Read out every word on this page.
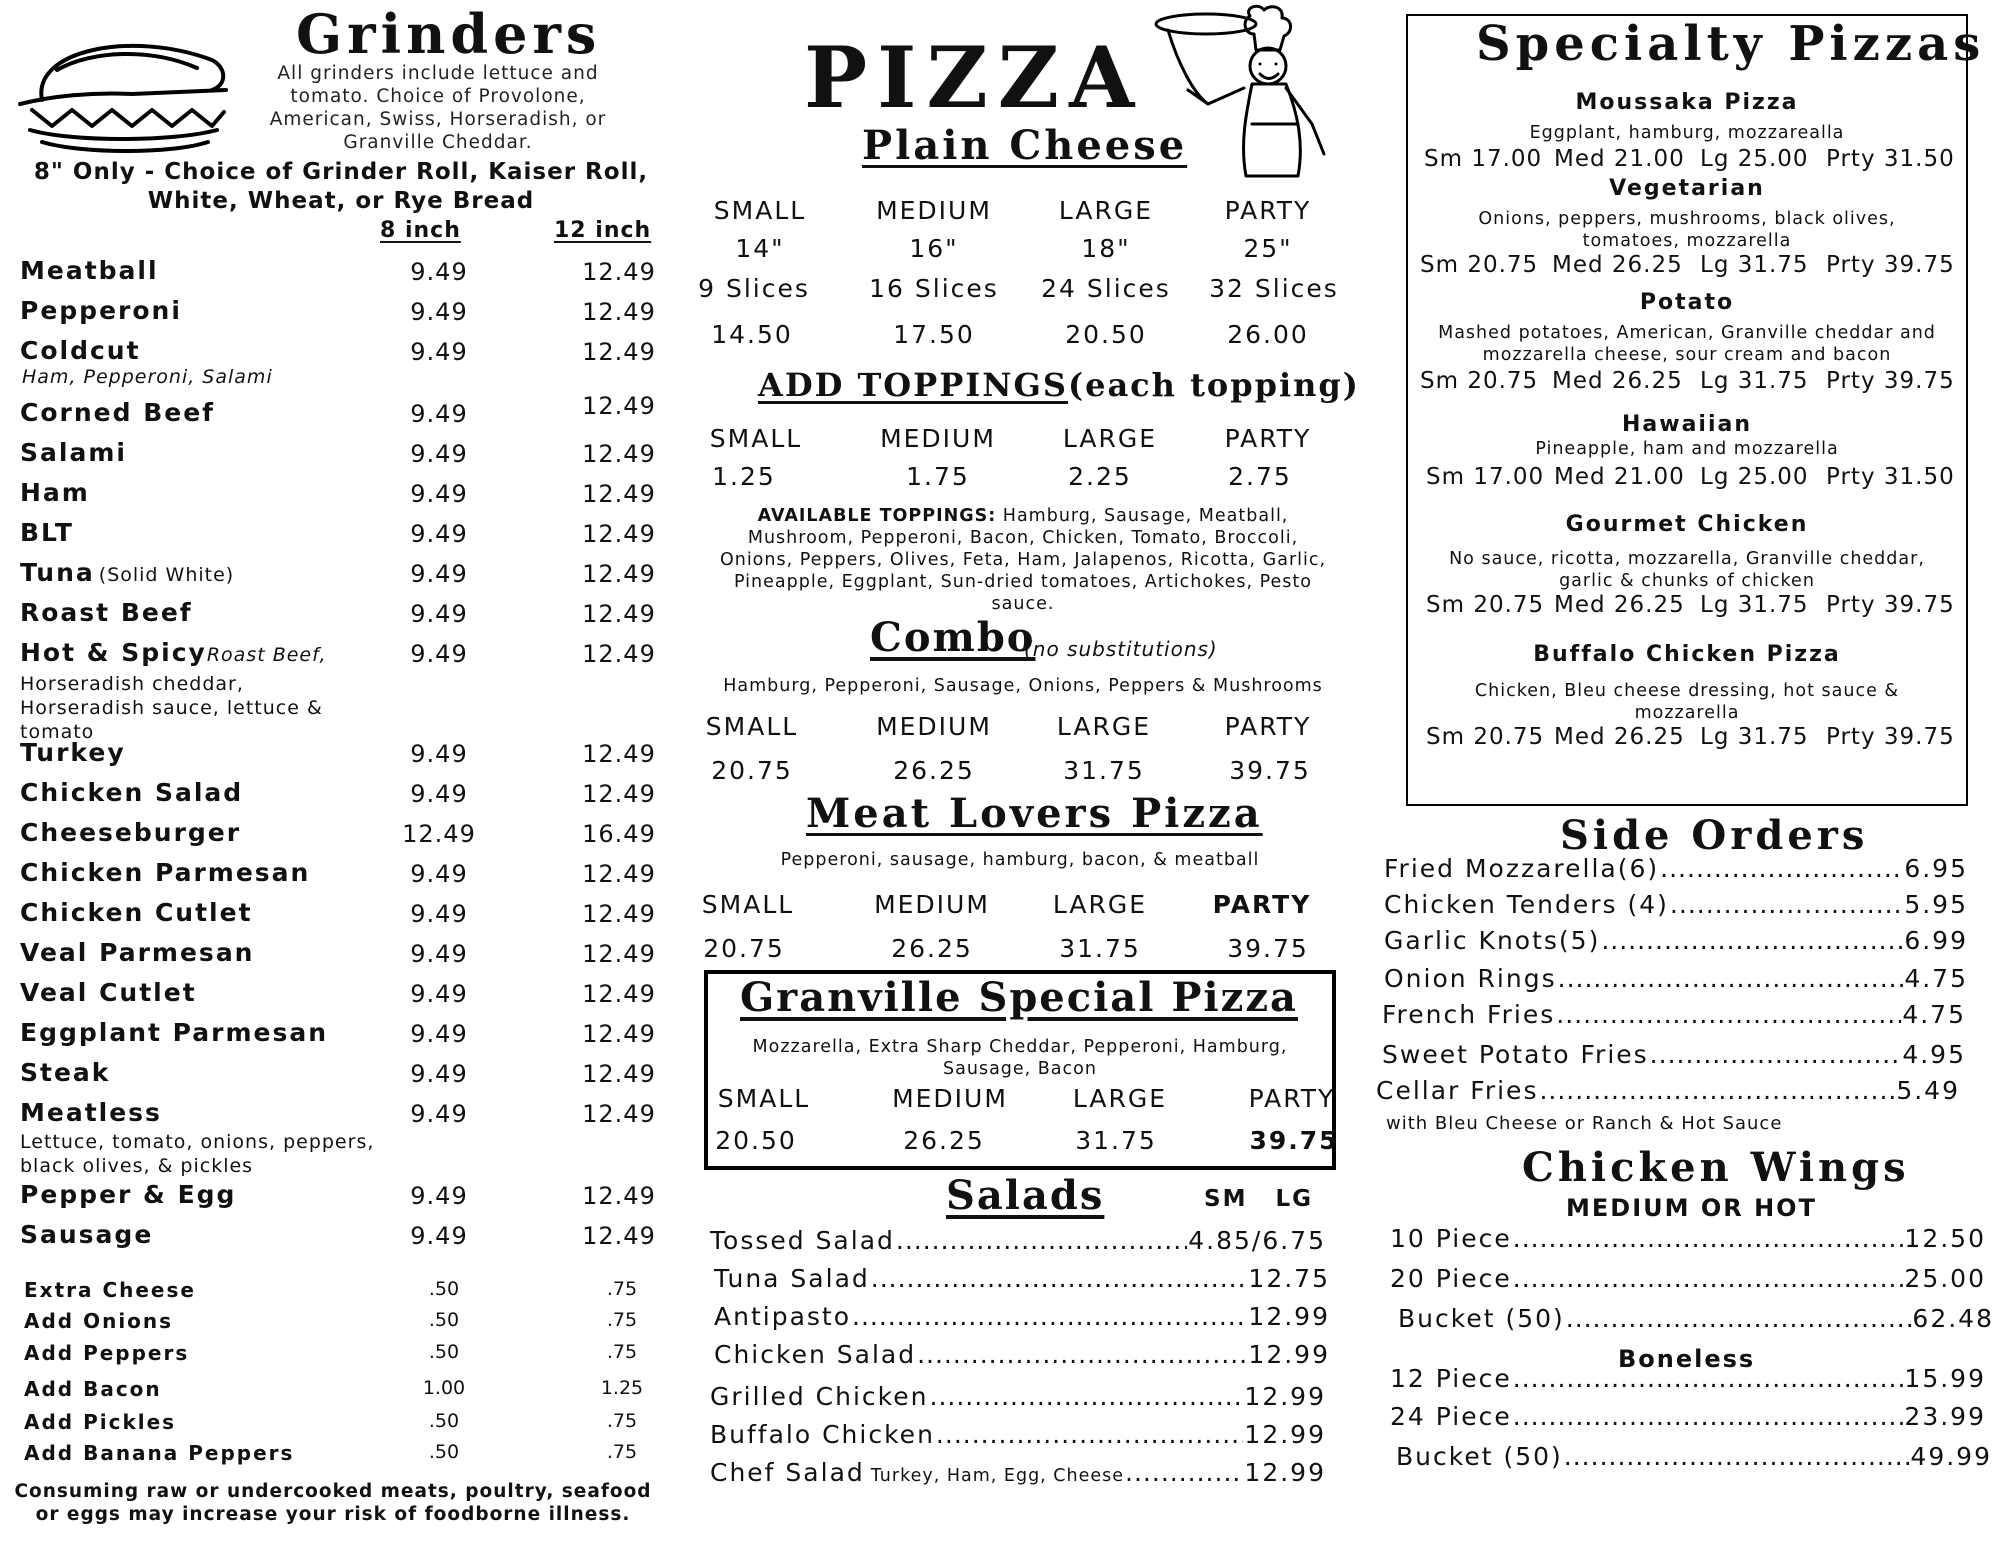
Grinders
All grinders include lettuce and tomato. Choice of Provolone, American, Swiss, Horseradish, or Granville Cheddar.
8" Only - Choice of Grinder Roll, Kaiser Roll, White, Wheat, or Rye Bread
8 inch	12 inch
Meatball	9.49	12.49
Pepperoni	9.49	12.49
Coldcut	9.49	12.49
Ham, Pepperoni, Salami
Corned Beef	9.49	12.49
Salami	9.49	12.49
Ham	9.49	12.49
BLT	9.49	12.49
Tuna (Solid White)	9.49	12.49
Roast Beef	9.49	12.49
Hot & SpicyRoast Beef,	9.49	12.49
Horseradish cheddar, Horseradish sauce, lettuce & tomato
Turkey	9.49	12.49
Chicken Salad	9.49	12.49
Cheeseburger	12.49	16.49
Chicken Parmesan	9.49	12.49
Chicken Cutlet	9.49	12.49
Veal Parmesan	9.49	12.49
Veal Cutlet	9.49	12.49
Eggplant Parmesan	9.49	12.49
Steak	9.49	12.49
Meatless	9.49	12.49
Lettuce, tomato, onions, peppers, black olives, & pickles
Pepper & Egg	9.49	12.49
Sausage	9.49	12.49
Extra Cheese	.50	.75
Add Onions	.50	.75
Add Peppers	.50	.75
Add Bacon	1.00	1.25
Add Pickles	.50	.75
Add Banana Peppers	.50	.75
Consuming raw or undercooked meats, poultry, seafood or eggs may increase your risk of foodborne illness.
PIZZA
Plain Cheese
SMALL	MEDIUM	LARGE	PARTY
14"	16"	18"	25"
9 Slices	16 Slices	24 Slices	32 Slices
14.50	17.50	20.50	26.00
ADD TOPPINGS(each topping)
SMALL	MEDIUM	LARGE	PARTY
1.25	1.75	2.25	2.75
AVAILABLE TOPPINGS: Hamburg, Sausage, Meatball, Mushroom, Pepperoni, Bacon, Chicken, Tomato, Broccoli, Onions, Peppers, Olives, Feta, Ham, Jalapenos, Ricotta, Garlic, Pineapple, Eggplant, Sun-dried tomatoes, Artichokes, Pesto sauce.
Combo
(no substitutions)
Hamburg, Pepperoni, Sausage, Onions, Peppers & Mushrooms
SMALL	MEDIUM	LARGE	PARTY
20.75	26.25	31.75	39.75
Meat Lovers Pizza
Pepperoni, sausage, hamburg, bacon, & meatball
SMALL	MEDIUM	LARGE	PARTY
20.75	26.25	31.75	39.75
Granville Special Pizza
Mozzarella, Extra Sharp Cheddar, Pepperoni, Hamburg, Sausage, Bacon
SMALL	MEDIUM	LARGE	PARTY
20.50	26.25	31.75	39.75
Salads	SM LG
Tossed Salad .....	4.85/6.75
Tuna Salad .....	12.75
Antipasto .....	12.99
Chicken Salad .....	12.99
Grilled Chicken .....	12.99
Buffalo Chicken .....	12.99
Chef Salad Turkey, Ham, Egg, Cheese .....	12.99
Specialty Pizzas
Moussaka Pizza
Eggplant, hamburg, mozzarealla
Sm 17.00 Med 21.00 Lg 25.00 Prty 31.50
Vegetarian
Onions, peppers, mushrooms, black olives, tomatoes, mozzarella
Sm 20.75 Med 26.25 Lg 31.75 Prty 39.75
Potato
Mashed potatoes, American, Granville cheddar and mozzarella cheese, sour cream and bacon
Sm 20.75 Med 26.25 Lg 31.75 Prty 39.75
Hawaiian
Pineapple, ham and mozzarella
Sm 17.00 Med 21.00 Lg 25.00 Prty 31.50
Gourmet Chicken
No sauce, ricotta, mozzarella, Granville cheddar, garlic & chunks of chicken
Sm 20.75 Med 26.25 Lg 31.75 Prty 39.75
Buffalo Chicken Pizza
Chicken, Bleu cheese dressing, hot sauce & mozzarella
Sm 20.75 Med 26.25 Lg 31.75 Prty 39.75
Side Orders
Fried Mozzarella(6) .....	6.95
Chicken Tenders (4) .....	5.95
Garlic Knots(5) .....	6.99
Onion Rings .....	4.75
French Fries .....	4.75
Sweet Potato Fries .....	4.95
Cellar Fries .....	5.49
with Bleu Cheese or Ranch & Hot Sauce
Chicken Wings
MEDIUM OR HOT
10 Piece .....	12.50
20 Piece .....	25.00
Bucket (50) .....	62.48
Boneless
12 Piece .....	15.99
24 Piece .....	23.99
Bucket (50) .....	49.99
